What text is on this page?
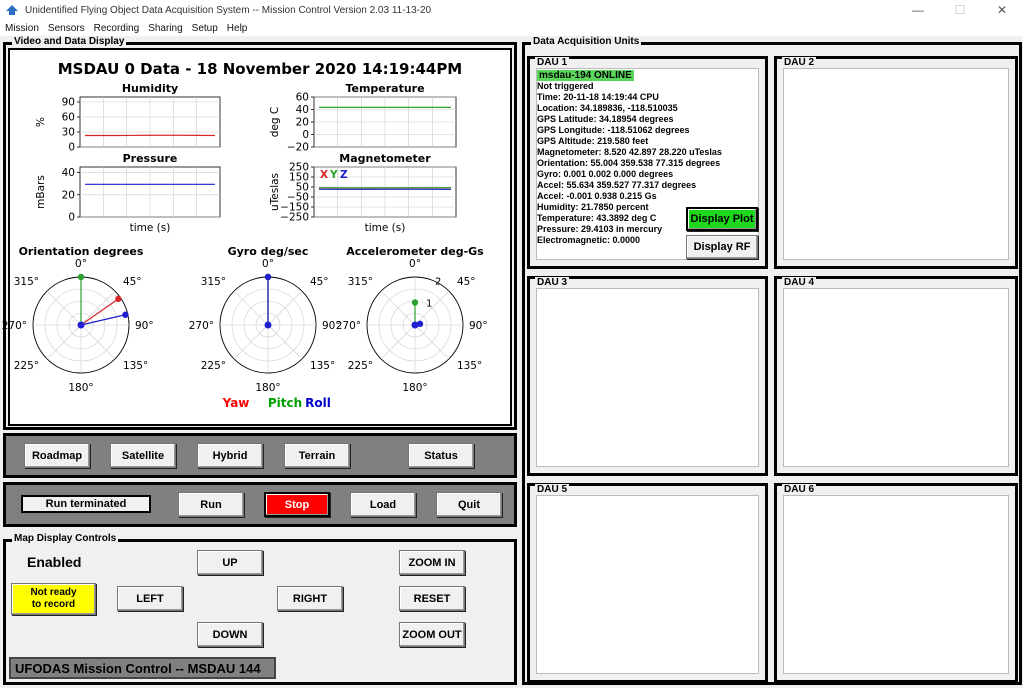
Unidentified Flying Object Data Acquisition System -- Mission Control Version 2.03 11-13-20	—	☐	✕
Mission Sensors Recording Sharing Setup Help
Video and Data Display
MSDAU 0 Data - 18 November 2020 14:19:44PM
Humidity
0
30
60
90
%
Temperature
−20
0
20
40
60
deg C
Pressure
0
20
40
mBars
time (s)
Magnetometer
−250
−150
−50
50
150
250
uTeslas
time (s)
X Y Z
Orientation degrees
0°
45°
90°
135°
180°
225°
270°
315°
Gyro deg/sec
0°
45°
90°
135°
180°
225°
270°
315°
Accelerometer deg-Gs
0°
45°
90°
135°
180°
225°
270°
315°
1
2
Yaw Pitch Roll
Roadmap	Satellite	Hybrid	Terrain	Status
Run terminated	Run	Stop	Load	Quit
Map Display Controls
Enabled
Not ready
to record
UP
LEFT	RIGHT
DOWN
ZOOM IN
RESET
ZOOM OUT
UFODAS Mission Control -- MSDAU 144
Data Acquisition Units
DAU 1	DAU 2
DAU 3	DAU 4
DAU 5	DAU 6
msdau-194 ONLINE
Not triggered
Time: 20-11-18 14:19:44 CPU
Location: 34.189836, -118.510035
GPS Latitude: 34.18954 degrees
GPS Longitude: -118.51062 degrees
GPS Altitude: 219.580 feet
Magnetometer: 8.520 42.897 28.220 uTeslas
Orientation: 55.004 359.538 77.315 degrees
Gyro: 0.001 0.002 0.000 degrees
Accel: 55.634 359.527 77.317 degrees
Accel: -0.001 0.938 0.215 Gs
Humidity: 21.7850 percent
Temperature: 43.3892 deg C
Pressure: 29.4103 in mercury
Electromagnetic: 0.0000
Display Plot
Display RF
